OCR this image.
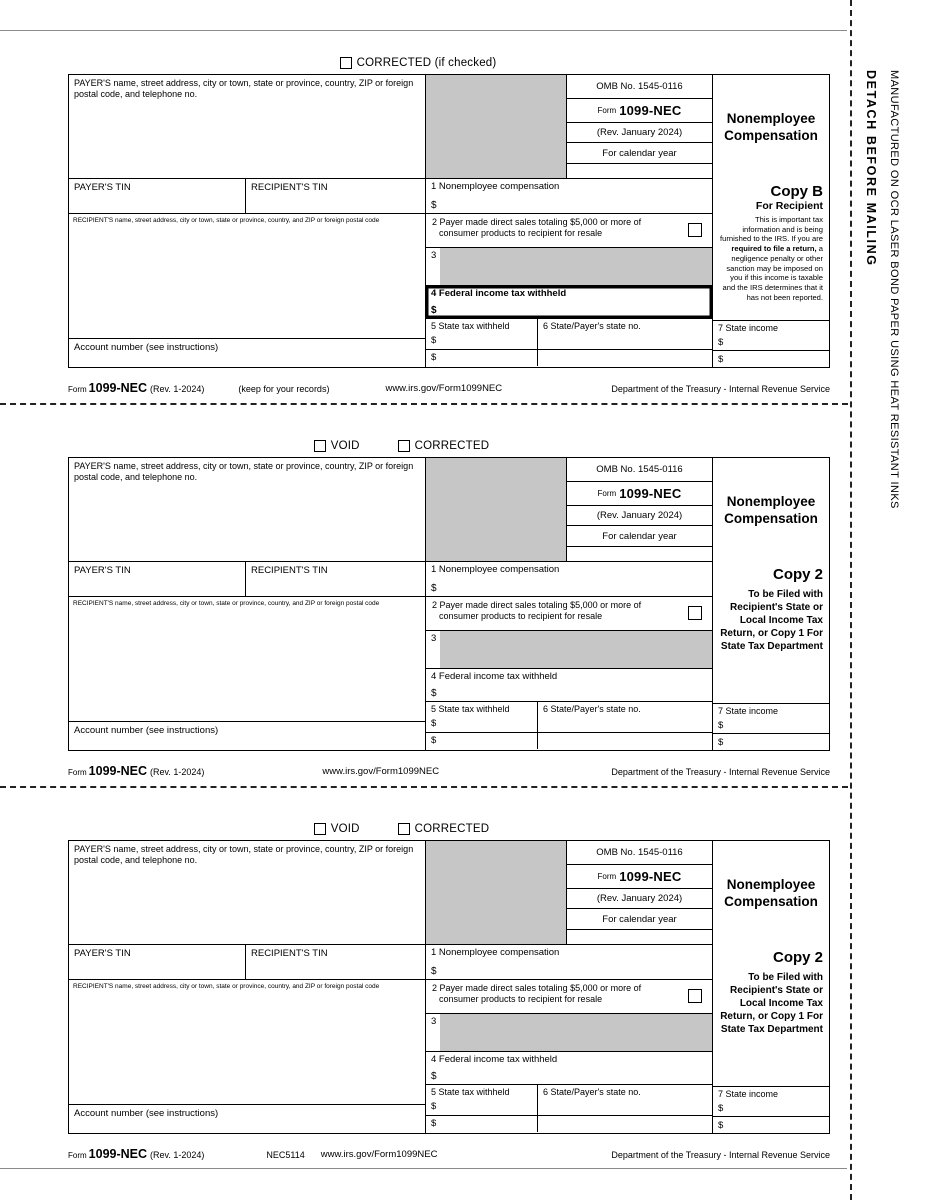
CORRECTED (if checked)
PAYER'S name, street address, city or town, state or province, country, ZIP or foreign postal code, and telephone no.
PAYER'S TIN	RECIPIENT'S TIN
RECIPIENT'S name, street address, city or town, state or province, country, and ZIP or foreign postal code
Account number (see instructions)
OMB No. 1545-0116
Form 1099-NEC
(Rev. January 2024)
For calendar year
1 Nonemployee compensation
$
2 Payer made direct sales totaling $5,000 or more of consumer products to recipient for resale
3
4 Federal income tax withheld
$
5 State tax withheld
$
$
6 State/Payer's state no.
Nonemployee
Compensation
Copy B
For Recipient
This is important tax information and is being furnished to the IRS. If you are required to file a return, a negligence penalty or other sanction may be imposed on you if this income is taxable and the IRS determines that it has not been reported.
7 State income
$
$
Form 1099-NEC (Rev. 1-2024)	(keep for your records)	www.irs.gov/Form1099NEC	Department of the Treasury - Internal Revenue Service
VOID	CORRECTED
PAYER'S name, street address, city or town, state or province, country, ZIP or foreign postal code, and telephone no.
PAYER'S TIN	RECIPIENT'S TIN
RECIPIENT'S name, street address, city or town, state or province, country, and ZIP or foreign postal code
Account number (see instructions)
OMB No. 1545-0116
Form 1099-NEC
(Rev. January 2024)
For calendar year
1 Nonemployee compensation
$
2 Payer made direct sales totaling $5,000 or more of consumer products to recipient for resale
3
4 Federal income tax withheld
$
5 State tax withheld
$
$
6 State/Payer's state no.
Nonemployee
Compensation
Copy 2
To be Filed with Recipient's State or Local Income Tax Return, or Copy 1 For State Tax Department
7 State income
$
$
Form 1099-NEC (Rev. 1-2024)	www.irs.gov/Form1099NEC	Department of the Treasury - Internal Revenue Service
VOID	CORRECTED
PAYER'S name, street address, city or town, state or province, country, ZIP or foreign postal code, and telephone no.
PAYER'S TIN	RECIPIENT'S TIN
RECIPIENT'S name, street address, city or town, state or province, country, and ZIP or foreign postal code
Account number (see instructions)
OMB No. 1545-0116
Form 1099-NEC
(Rev. January 2024)
For calendar year
1 Nonemployee compensation
$
2 Payer made direct sales totaling $5,000 or more of consumer products to recipient for resale
3
4 Federal income tax withheld
$
5 State tax withheld
$
$
6 State/Payer's state no.
Nonemployee
Compensation
Copy 2
To be Filed with Recipient's State or Local Income Tax Return, or Copy 1 For State Tax Department
7 State income
$
$
Form 1099-NEC (Rev. 1-2024)	NEC5114 www.irs.gov/Form1099NEC	Department of the Treasury - Internal Revenue Service
DETACH BEFORE MAILING MANUFACTURED ON OCR LASER BOND PAPER USING HEAT RESISTANT INKS
